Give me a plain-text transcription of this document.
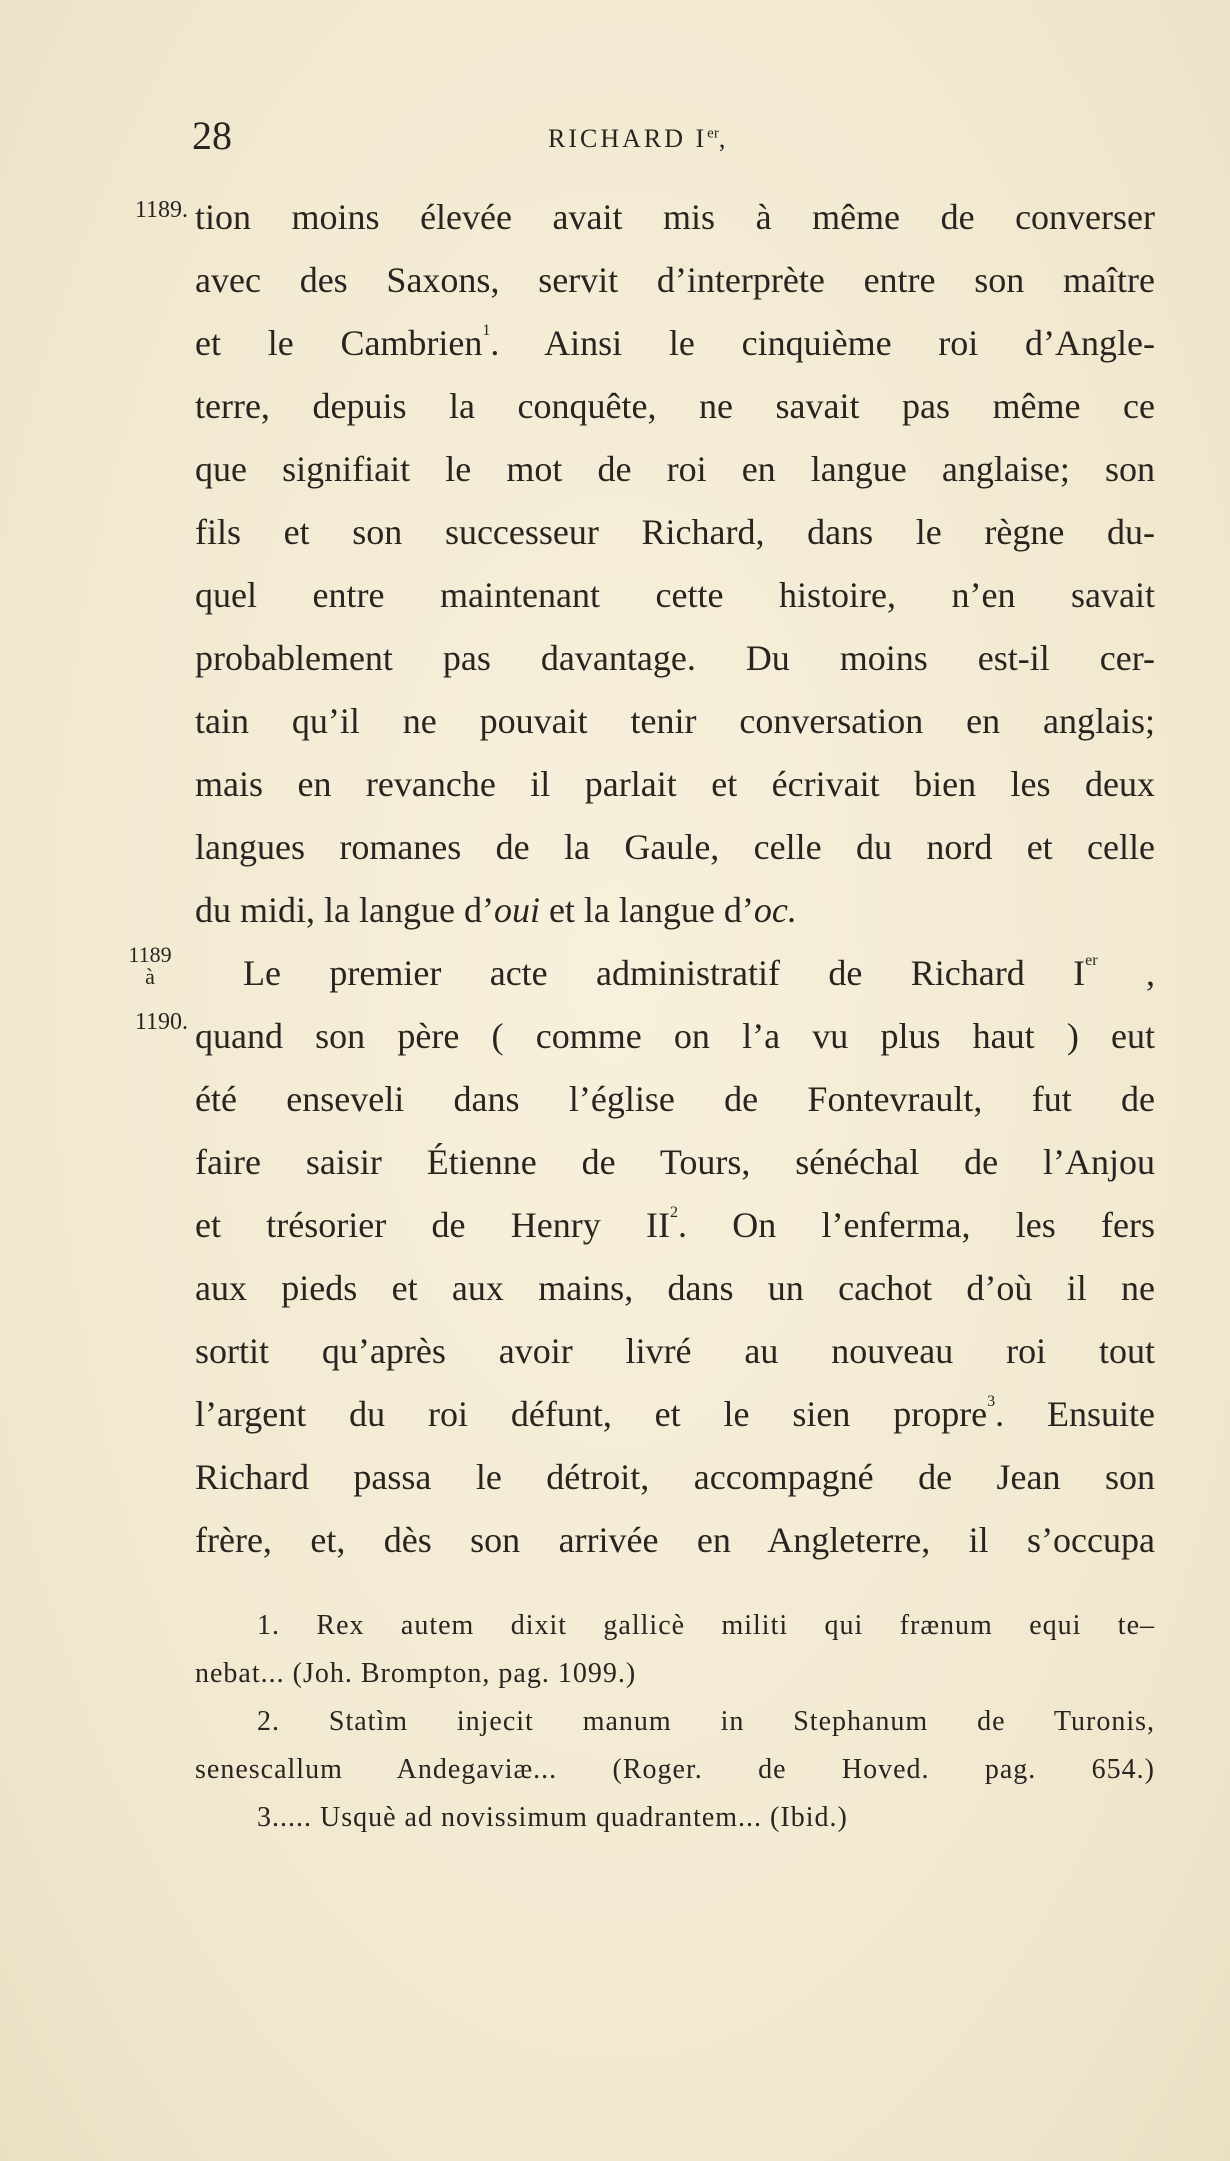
28	RICHARD Ier,
1189.
1189
à
1190.
tion moins élevée avait mis à même de converser
avec des Saxons, servit d’interprète entre son maître
et le Cambrien$^1$. Ainsi le cinquième roi d’Angle-
terre, depuis la conquête, ne savait pas même ce
que signifiait le mot de roi en langue anglaise; son
fils et son successeur Richard, dans le règne du-
quel entre maintenant cette histoire, n’en savait
probablement pas davantage. Du moins est-il cer-
tain qu’il ne pouvait tenir conversation en anglais;
mais en revanche il parlait et écrivait bien les deux
langues romanes de la Gaule, celle du nord et celle
du midi, la langue d’oui et la langue d’oc.
Le premier acte administratif de Richard Ier ,
quand son père ( comme on l’a vu plus haut ) eut
été enseveli dans l’église de Fontevrault, fut de
faire saisir Étienne de Tours, sénéchal de l’Anjou
et trésorier de Henry II$^2$. On l’enferma, les fers
aux pieds et aux mains, dans un cachot d’où il ne
sortit qu’après avoir livré au nouveau roi tout
l’argent du roi défunt, et le sien propre$^3$. Ensuite
Richard passa le détroit, accompagné de Jean son
frère, et, dès son arrivée en Angleterre, il s’occupa
1. Rex autem dixit gallicè militi qui frænum equi te–
nebat... (Joh. Brompton, pag. 1099.)
2. Statìm injecit manum in Stephanum de Turonis,
senescallum Andegaviæ... (Roger. de Hoved. pag. 654.)
3..... Usquè ad novissimum quadrantem... (Ibid.)
